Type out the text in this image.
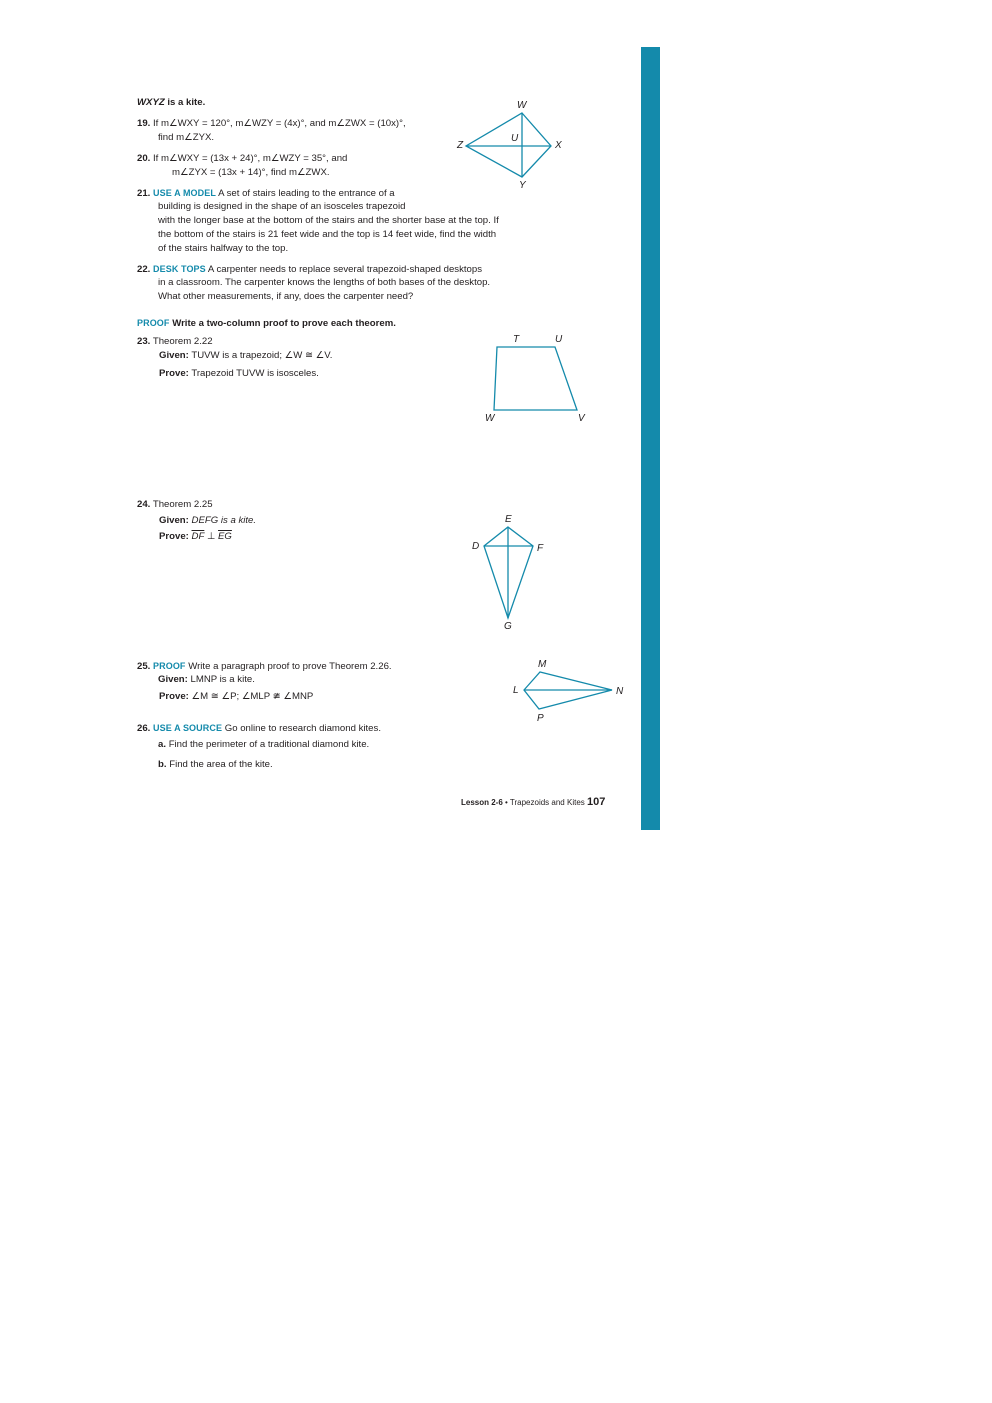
WXYZ is a kite.
19. If m∠WXY = 120°, m∠WZY = (4x)°, and m∠ZWX = (10x)°,
find m∠ZYX.
20. If m∠WXY = (13x + 24)°, m∠WZY = 35°, and
m∠ZYX = (13x + 14)°, find m∠ZWX.
21. USE A MODEL A set of stairs leading to the entrance of a
building is designed in the shape of an isosceles trapezoid
with the longer base at the bottom of the stairs and the shorter base at the top. If
the bottom of the stairs is 21 feet wide and the top is 14 feet wide, find the width
of the stairs halfway to the top.
22. DESK TOPS A carpenter needs to replace several trapezoid-shaped desktops
in a classroom. The carpenter knows the lengths of both bases of the desktop.
What other measurements, if any, does the carpenter need?
PROOF Write a two-column proof to prove each theorem.
23. Theorem 2.22
Given: TUVW is a trapezoid; ∠W ≅ ∠V.
Prove: Trapezoid TUVW is isosceles.
24. Theorem 2.25
Given: DEFG is a kite.
Prove: $\overline{DF}$ ⊥ $\overline{EG}$
25. PROOF Write a paragraph proof to prove Theorem 2.26.
Given: LMNP is a kite.
Prove: ∠M ≅ ∠P; ∠MLP ≇ ∠MNP
26. USE A SOURCE Go online to research diamond kites.
a. Find the perimeter of a traditional diamond kite.
b. Find the area of the kite.
W
X
Y
Z
U
T	U
V
W
D
E
F
G
L
M
N
P
Lesson 2-6 • Trapezoids and Kites 107
